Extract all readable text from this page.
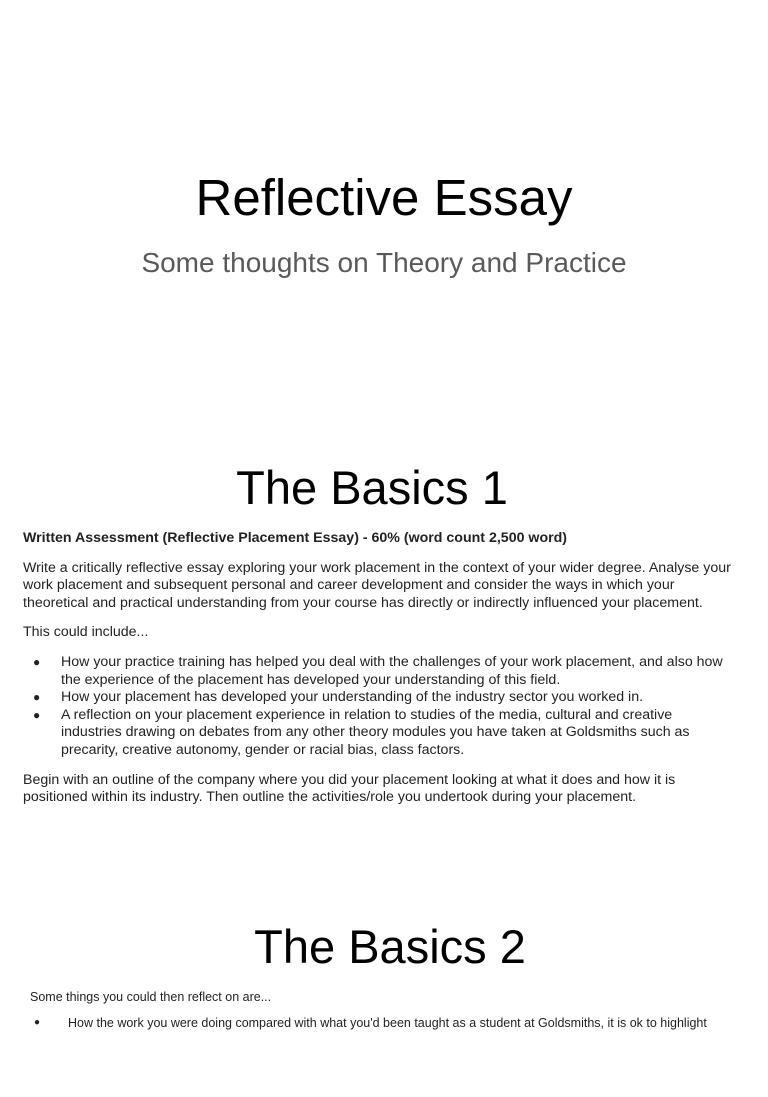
Reflective Essay
Some thoughts on Theory and Practice
The Basics 1

Written Assessment (Reflective Placement Essay) - 60% (word count 2,500 word)

Write a critically reflective essay exploring your work placement in the context of your wider degree. Analyse your work placement and subsequent personal and career development and consider the ways in which your theoretical and practical understanding from your course has directly or indirectly influenced your placement.

This could include...

● How your practice training has helped you deal with the challenges of your work placement, and also how the experience of the placement has developed your understanding of this field.
● How your placement has developed your understanding of the industry sector you worked in.
● A reflection on your placement experience in relation to studies of the media, cultural and creative industries drawing on debates from any other theory modules you have taken at Goldsmiths such as precarity, creative autonomy, gender or racial bias, class factors.

Begin with an outline of the company where you did your placement looking at what it does and how it is positioned within its industry. Then outline the activities/role you undertook during your placement.

The Basics 2

Some things you could then reflect on are...

● How the work you were doing compared with what you'd been taught as a student at Goldsmiths, it is ok to highlight
